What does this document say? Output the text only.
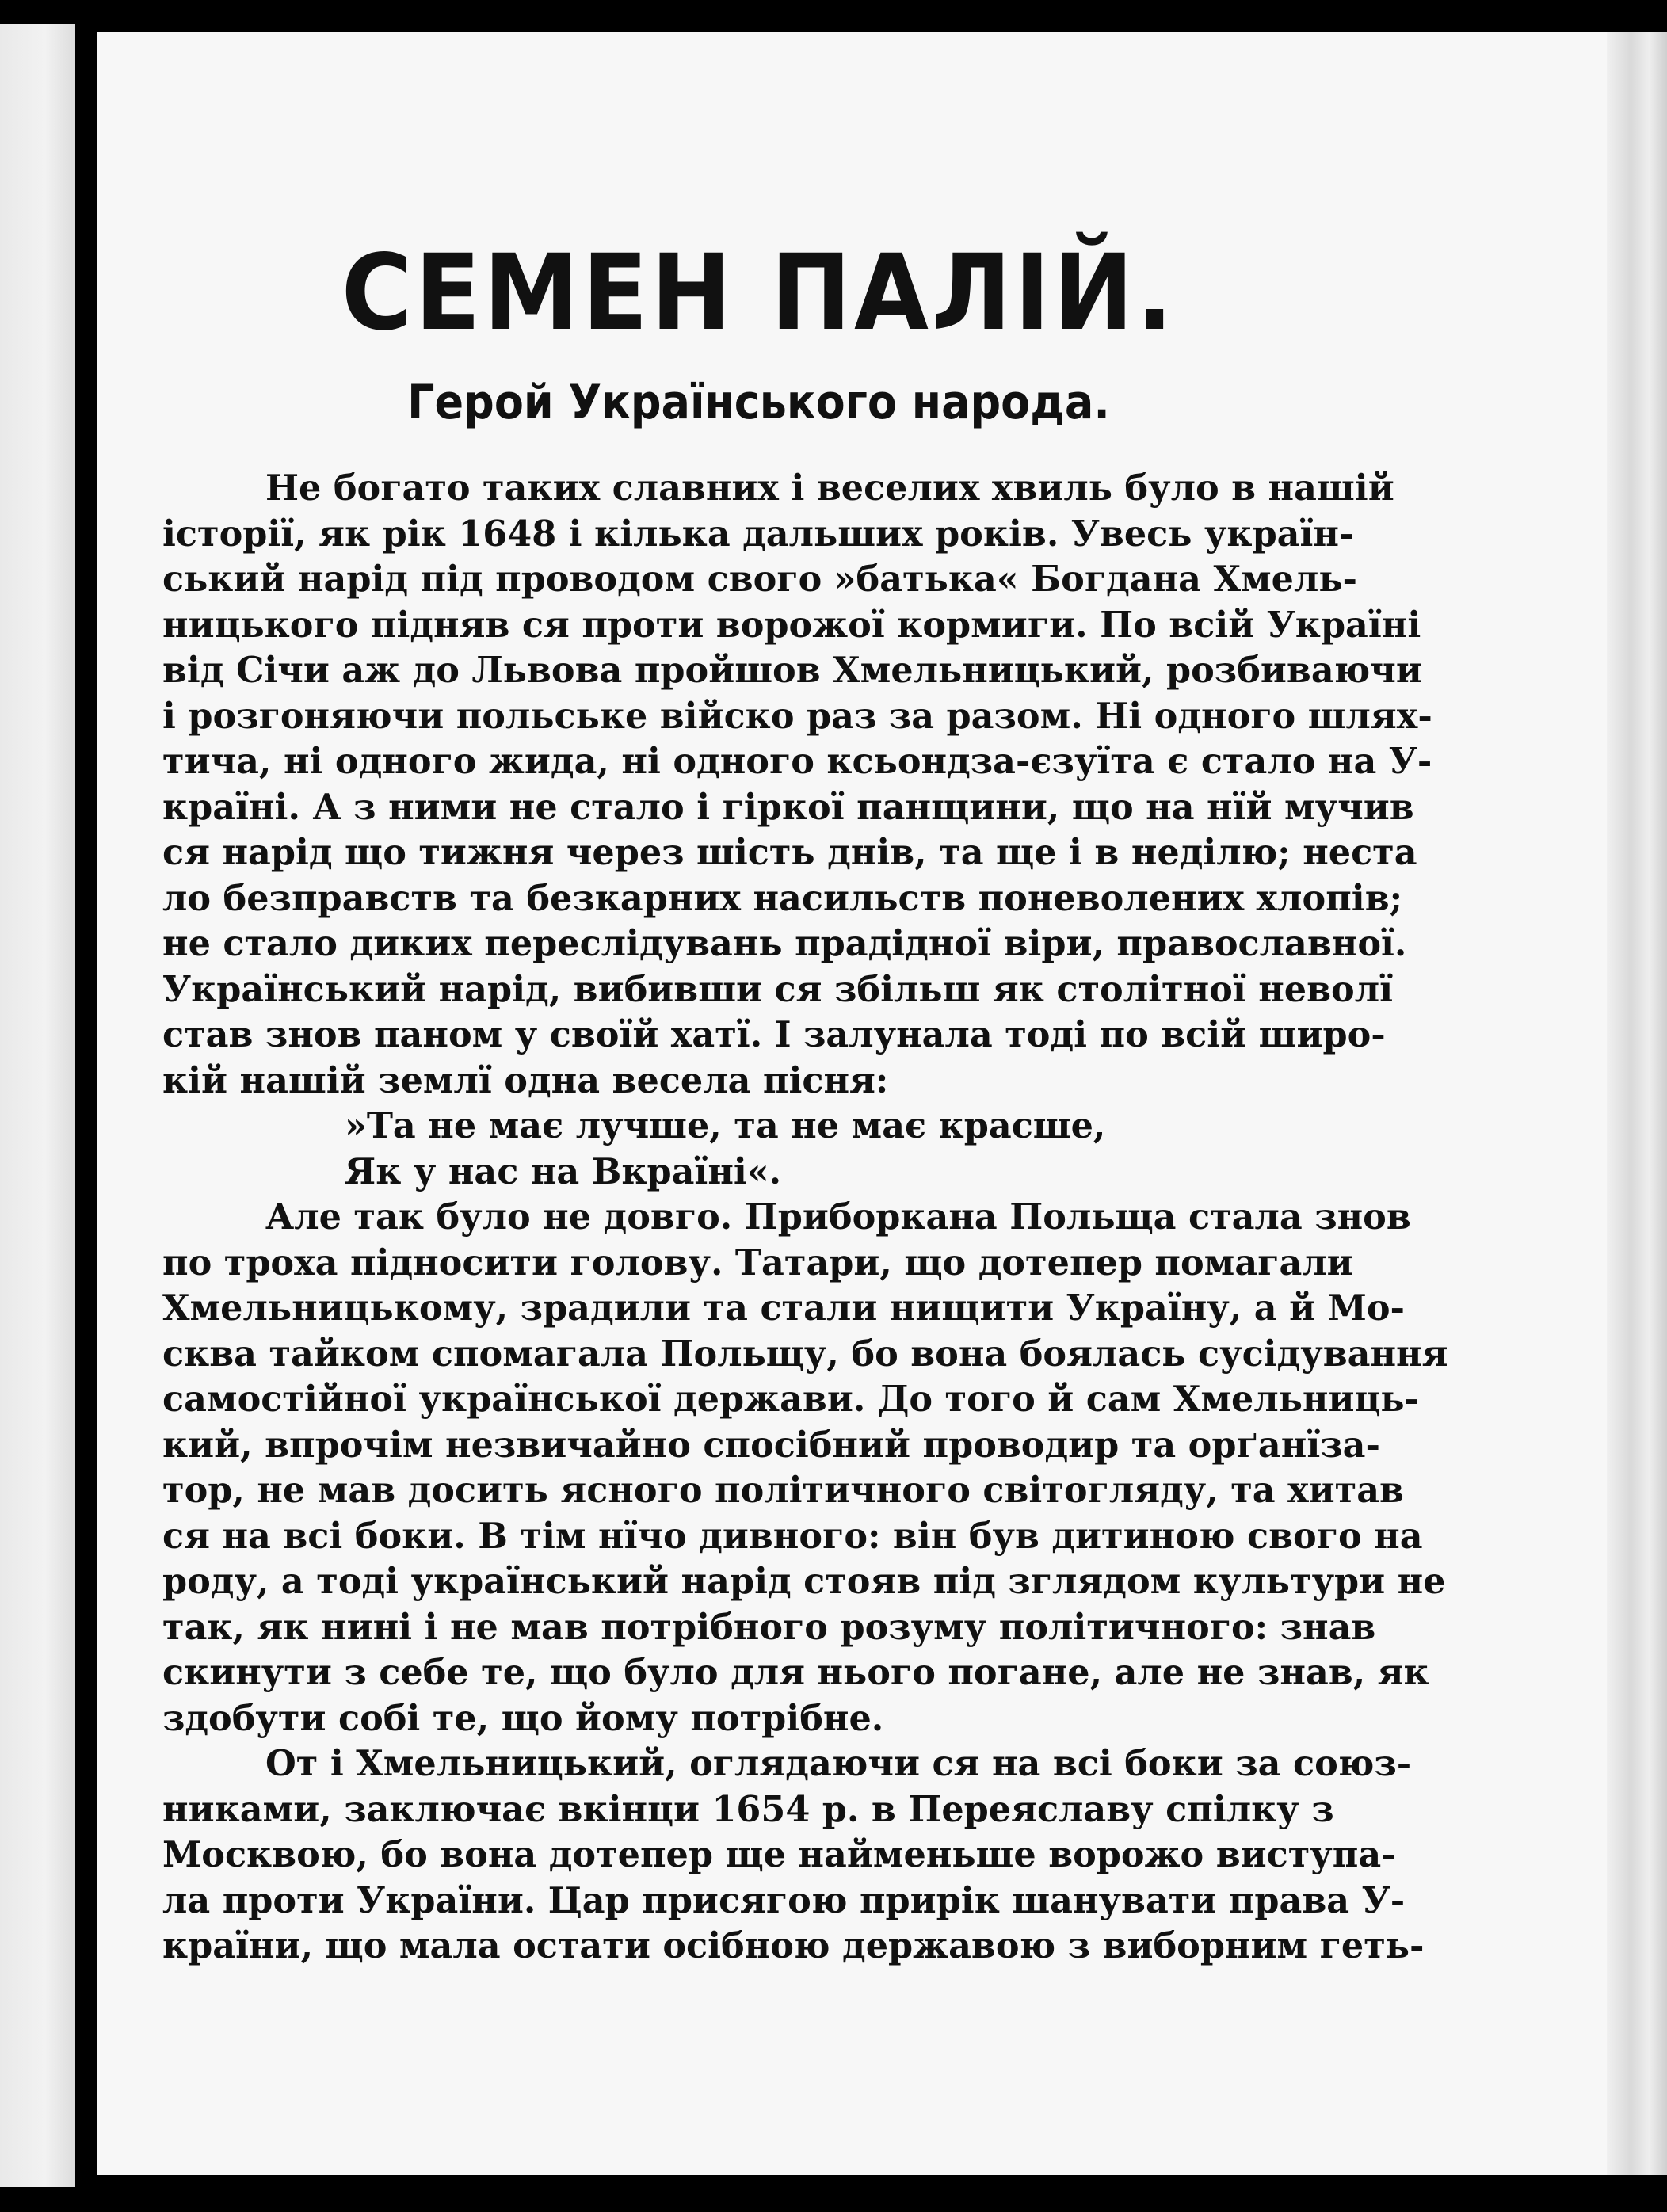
СЕМЕН ПАЛІЙ.
Герой Українського народа.

Не богато таких славних і веселих хвиль було в нашій
історії, як рік 1648 і кілька дальших років. Увесь україн-
ський нарід під проводом свого »батька« Богдана Хмель-
ницького підняв ся проти ворожої кормиги. По всій Україні
від Січи аж до Львова пройшов Хмельницький, розбиваючи
і розгоняючи польське війско раз за разом. Ні одного шлях-
тича, ні одного жида, ні одного ксьондза-єзуїта є стало на У-
країні. А з ними не стало і гіркої панщини, що на нїй мучив
ся нарід що тижня через шість днів, та ще і в неділю; неста
ло безправств та безкарних насильств поневолених хлопів;
не стало диких переслідувань прадідної віри, православної.
Український нарід, вибивши ся збільш як столітної неволї
став знов паном у своїй хатї. І залунала тоді по всій широ-
кій нашій землї одна весела пісня:
»Та не має лучше, та не має красше,
Як у нас на Вкраїні«.
Але так було не довго. Приборкана Польща стала знов
по троха підносити голову. Татари, що дотепер помагали
Хмельницькому, зрадили та стали нищити Україну, а й Мо-
сква тайком спомагала Польщу, бо вона боялась сусідування
самостійної української держави. До того й сам Хмельниць-
кий, впрочім незвичайно спосібний проводир та орґанїза-
тор, не мав досить ясного політичного світогляду, та хитав
ся на всі боки. В тім нїчо дивного: він був дитиною свого на
роду, а тоді український нарід стояв під зглядом культури не
так, як нині і не мав потрібного розуму політичного: знав
скинути з себе те, що було для нього погане, але не знав, як
здобути собі те, що йому потрібне.
От і Хмельницький, оглядаючи ся на всі боки за союз-
никами, заключає вкінци 1654 р. в Переяславу спілку з
Москвою, бо вона дотепер ще найменьше ворожо виступа-
ла проти України. Цар присягою прирік шанувати права У-
країни, що мала остати осібною державою з вибoрним геть-
